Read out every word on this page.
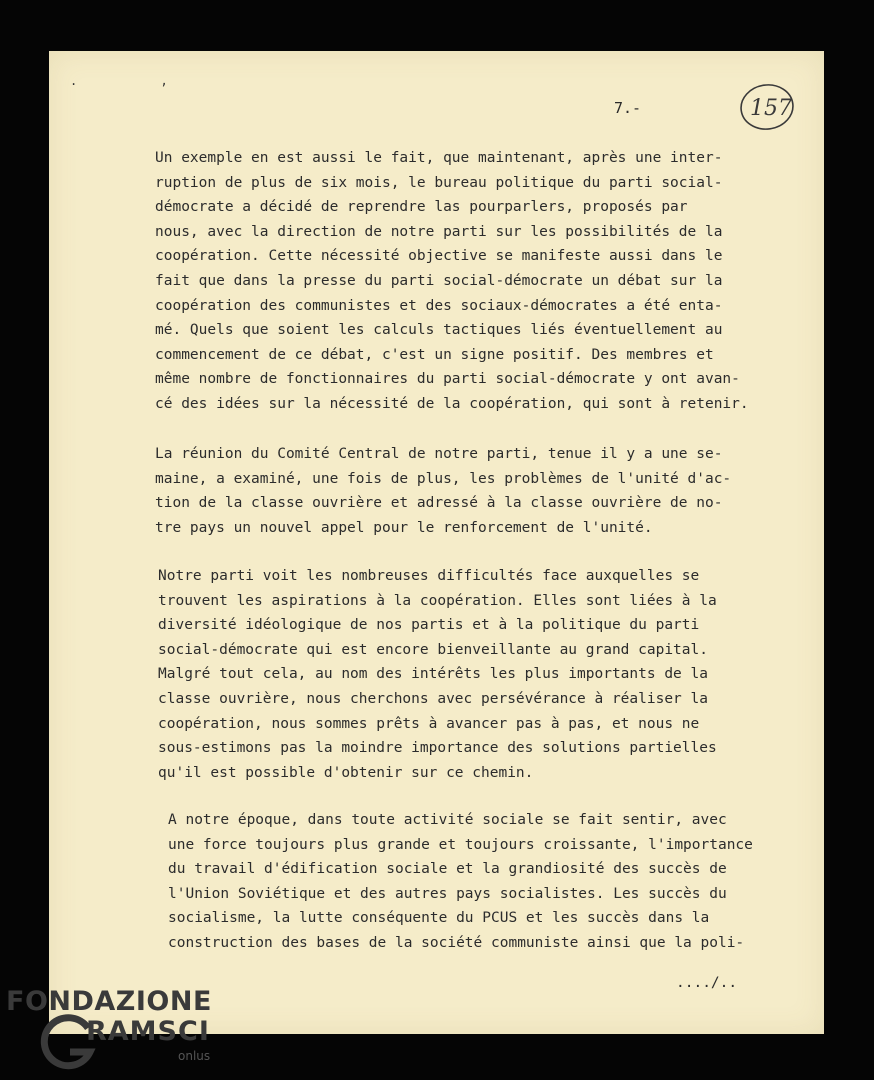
. ,
7.-	157

Un exemple en est aussi le fait, que maintenant, après une inter-
ruption de plus de six mois, le bureau politique du parti social-
démocrate a décidé de reprendre las pourparlers, proposés par
nous, avec la direction de notre parti sur les possibilités de la
coopération. Cette nécessité objective se manifeste aussi dans le
fait que dans la presse du parti social-démocrate un débat sur la
coopération des communistes et des sociaux-démocrates a été enta-
mé. Quels que soient les calculs tactiques liés éventuellement au
commencement de ce débat, c'est un signe positif. Des membres et
même nombre de fonctionnaires du parti social-démocrate y ont avan-
cé des idées sur la nécessité de la coopération, qui sont à retenir.

La réunion du Comité Central de notre parti, tenue il y a une se-
maine, a examiné, une fois de plus, les problèmes de l'unité d'ac-
tion de la classe ouvrière et adressé à la classe ouvrière de no-
tre pays un nouvel appel pour le renforcement de l'unité.

Notre parti voit les nombreuses difficultés face auxquelles se
trouvent les aspirations à la coopération. Elles sont liées à la
diversité idéologique de nos partis et à la politique du parti
social-démocrate qui est encore bienveillante au grand capital.
Malgré tout cela, au nom des intérêts les plus importants de la
classe ouvrière, nous cherchons avec persévérance à réaliser la
coopération, nous sommes prêts à avancer pas à pas, et nous ne
sous-estimons pas la moindre importance des solutions partielles
qu'il est possible d'obtenir sur ce chemin.

A notre époque, dans toute activité sociale se fait sentir, avec
une force toujours plus grande et toujours croissante, l'importance
du travail d'édification sociale et la grandiosité des succès de
l'Union Soviétique et des autres pays socialistes. Les succès du
socialisme, la lutte conséquente du PCUS et les succès dans la
construction des bases de la société communiste ainsi que la poli-

..../..
FONDAZIONE
RAMSCI
onlus
